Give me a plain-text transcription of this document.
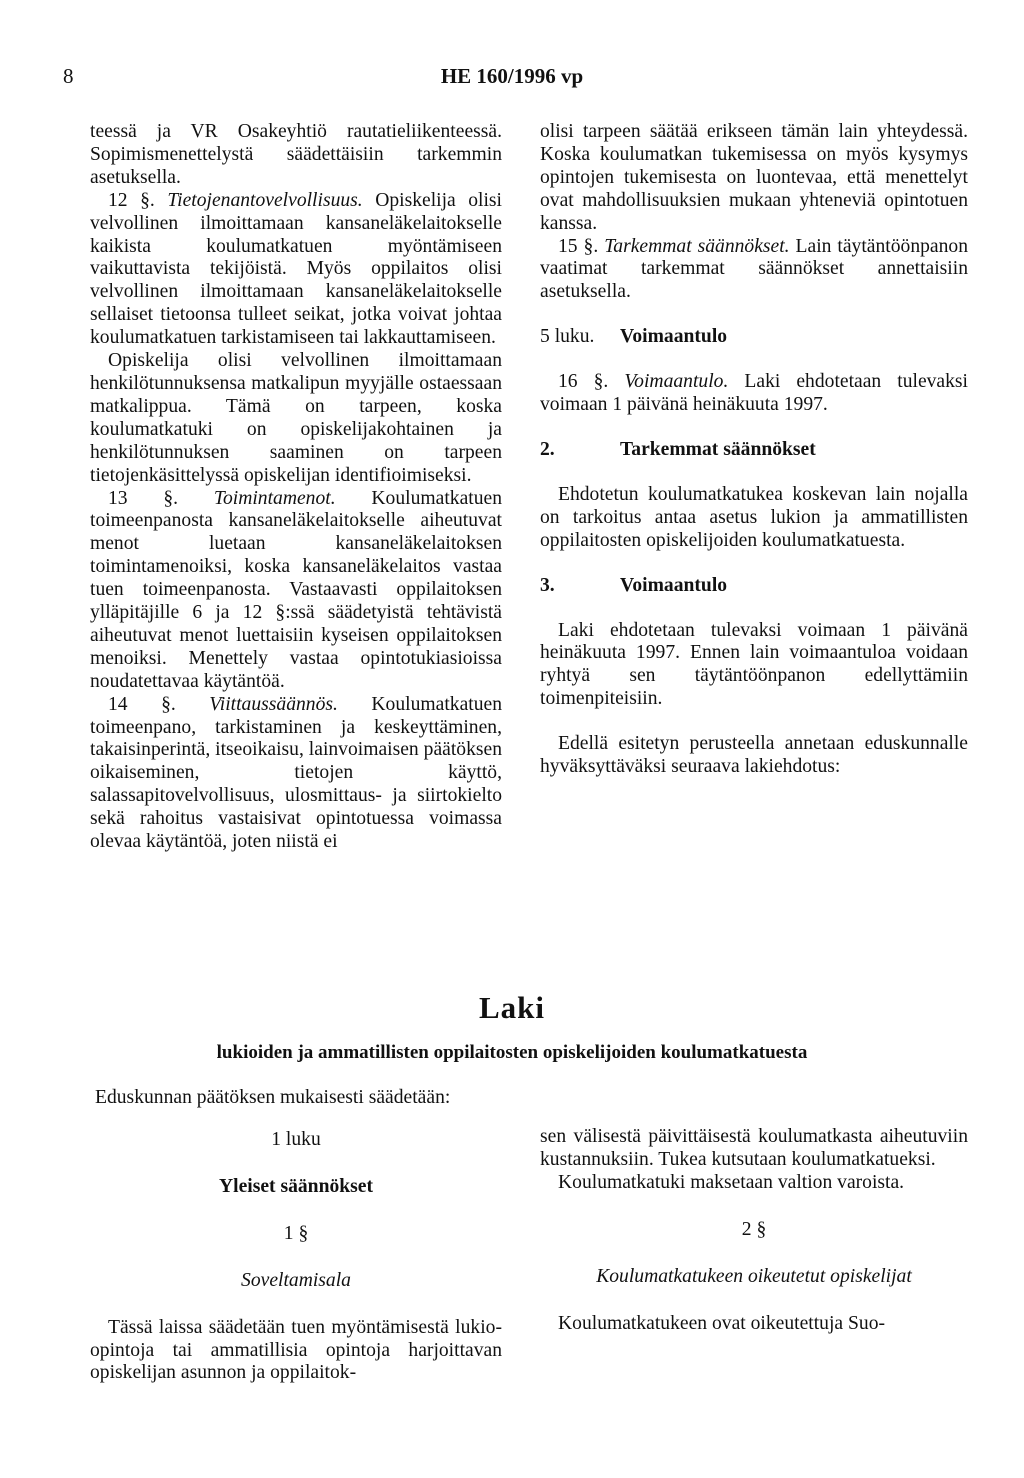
8	HE 160/1996 vp

teessä ja VR Osakeyhtiö rautatieliikenteessä. Sopimismenettelystä säädettäisiin tarkemmin asetuksella.

12 §. Tietojenantovelvollisuus. Opiskelija olisi velvollinen ilmoittamaan kansaneläkelaitokselle kaikista koulumatkatuen myöntämiseen vaikuttavista tekijöistä. Myös oppilaitos olisi velvollinen ilmoittamaan kansaneläkelaitokselle sellaiset tietoonsa tulleet seikat, jotka voivat johtaa koulumatkatuen tarkistamiseen tai lakkauttamiseen.

Opiskelija olisi velvollinen ilmoittamaan henkilötunnuksensa matkalipun myyjälle ostaessaan matkalippua. Tämä on tarpeen, koska koulumatkatuki on opiskelijakohtainen ja henkilötunnuksen saaminen on tarpeen tietojenkäsittelyssä opiskelijan identifioimiseksi.

13 §. Toimintamenot. Koulumatkatuen toimeenpanosta kansaneläkelaitokselle aiheutuvat menot luetaan kansaneläkelaitoksen toimintamenoiksi, koska kansaneläkelaitos vastaa tuen toimeenpanosta. Vastaavasti oppilaitoksen ylläpitäjille 6 ja 12 §:ssä säädetyistä tehtävistä aiheutuvat menot luettaisiin kyseisen oppilaitoksen menoiksi. Menettely vastaa opintotukiasioissa noudatettavaa käytäntöä.

14 §. Viittaussäännös. Koulumatkatuen toimeenpano, tarkistaminen ja keskeyttäminen, takaisinperintä, itseoikaisu, lainvoimaisen päätöksen oikaiseminen, tietojen käyttö, salassapitovelvollisuus, ulosmittaus- ja siirtokielto sekä rahoitus vastaisivat opintotuessa voimassa olevaa käytäntöä, joten niistä ei

olisi tarpeen säätää erikseen tämän lain yhteydessä. Koska koulumatkan tukemisessa on myös kysymys opintojen tukemisesta on luontevaa, että menettelyt ovat mahdollisuuksien mukaan yhteneviä opintotuen kanssa.

15 §. Tarkemmat säännökset. Lain täytäntöönpanon vaatimat tarkemmat säännökset annettaisiin asetuksella.

5 luku. Voimaantulo

16 §. Voimaantulo. Laki ehdotetaan tulevaksi voimaan 1 päivänä heinäkuuta 1997.

2.	Tarkemmat säännökset

Ehdotetun koulumatkatukea koskevan lain nojalla on tarkoitus antaa asetus lukion ja ammatillisten oppilaitosten opiskelijoiden koulumatkatuesta.

3.	Voimaantulo

Laki ehdotetaan tulevaksi voimaan 1 päivänä heinäkuuta 1997. Ennen lain voimaantuloa voidaan ryhtyä sen täytäntöönpanon edellyttämiin toimenpiteisiin.

Edellä esitetyn perusteella annetaan eduskunnalle hyväksyttäväksi seuraava lakiehdotus:

Laki
lukioiden ja ammatillisten oppilaitosten opiskelijoiden koulumatkatuesta
Eduskunnan päätöksen mukaisesti säädetään:

1 luku

Yleiset säännökset

1 §

Soveltamisala

Tässä laissa säädetään tuen myöntämisestä lukio-opintoja tai ammatillisia opintoja harjoittavan opiskelijan asunnon ja oppilaitok-

sen välisestä päivittäisestä koulumatkasta aiheutuviin kustannuksiin. Tukea kutsutaan koulumatkatueksi.

Koulumatkatuki maksetaan valtion varoista.

2 §

Koulumatkatukeen oikeutetut opiskelijat

Koulumatkatukeen ovat oikeutettuja Suo-
